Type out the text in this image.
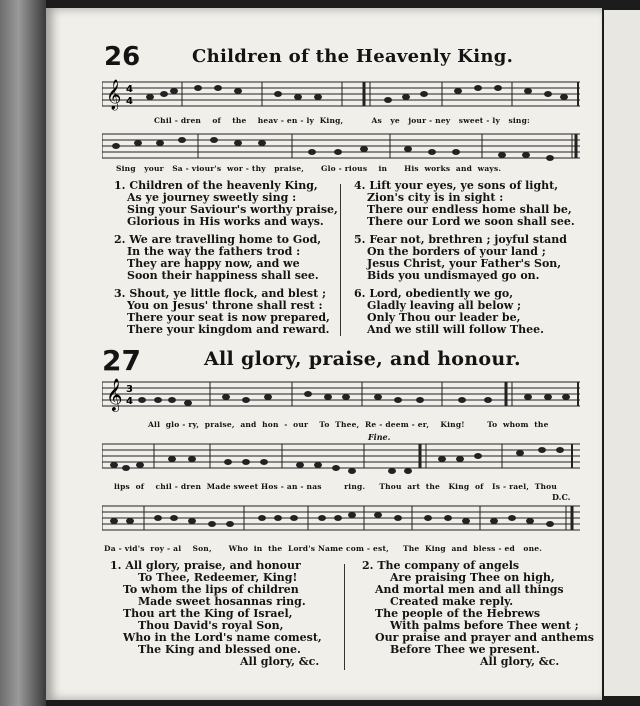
26	Children of the Heavenly King.
𝄞 4
4
Chil - dren    of    the    heav - en - ly  King,          As   ye   jour - ney   sweet - ly   sing:
Sing   your   Sa - viour's  wor - thy   praise,      Glo - rious    in      His  works  and  ways.
1. Children of the heavenly King,
As ye journey sweetly sing :
Sing your Saviour's worthy praise,
Glorious in His works and ways.
2. We are travelling home to God,
In the way the fathers trod :
They are happy now, and we
Soon their happiness shall see.
3. Shout, ye little flock, and blest ;
You on Jesus' throne shall rest :
There your seat is now prepared,
There your kingdom and reward.
4. Lift your eyes, ye sons of light,
Zion's city is in sight :
There our endless home shall be,
There our Lord we soon shall see.
5. Fear not, brethren ; joyful stand
On the borders of your land ;
Jesus Christ, your Father's Son,
Bids you undismayed go on.
6. Lord, obediently we go,
Gladly leaving all below ;
Only Thou our leader be,
And we still will follow Thee.
27	All glory, praise, and honour.
𝄞 3
4
All  glo - ry,  praise,  and  hon  -  our    To  Thee,  Re - deem - er,    King!        To  whom  the
Fine.
lips  of    chil - dren  Made sweet Hos - an - nas        ring.     Thou  art  the   King  of   Is - rael,  Thou
D.C.
Da - vid's  roy - al    Son,      Who  in  the  Lord's Name com - est,     The  King  and  bless - ed   one.
1. All glory, praise, and honour
To Thee, Redeemer, King!
To whom the lips of children
Made sweet hosannas ring.
Thou art the King of Israel,
Thou David's royal Son,
Who in the Lord's name comest,
The King and blessed one.
All glory, &c.
2. The company of angels
Are praising Thee on high,
And mortal men and all things
Created make reply.
The people of the Hebrews
With palms before Thee went ;
Our praise and prayer and anthems
Before Thee we present.
All glory, &c.
